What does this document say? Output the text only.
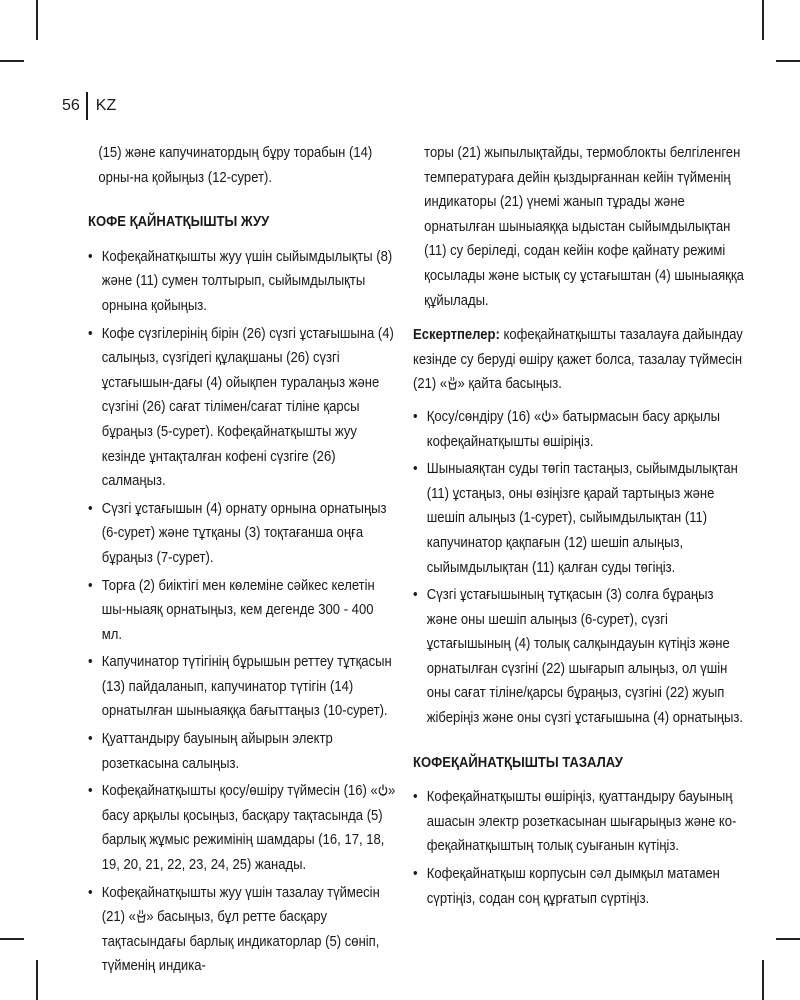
56	KZ
(15) және капучинатордың бұру торабын (14) орны-на қойыңыз (12-сурет).
КОФЕ ҚАЙНАТҚЫШТЫ ЖУУ
• Кофеқайнатқышты жуу үшін сыйымдылықты (8) және (11) сумен толтырып, сыйымдылықты орнына қойыңыз.
• Кофе сүзгілерінің бірін (26) сүзгі ұстағышына (4) салыңыз, сүзгідегі құлақшаны (26) сүзгі ұстағышын-дағы (4) ойықпен туралаңыз және сүзгіні (26) сағат тілімен/сағат тіліне қарсы бұраңыз (5-сурет). Кофеқайнатқышты жуу кезінде ұнтақталған кофені сүзгіге (26) салмаңыз.
• Сүзгі ұстағышын (4) орнату орнына орнатыңыз (6-сурет) және тұтқаны (3) тоқтағанша оңға бұраңыз (7-сурет).
• Торға (2) биіктігі мен көлеміне сәйкес келетін шы-ныаяқ орнатыңыз, кем дегенде 300 - 400 мл.
• Капучинатор түтігінің бұрышын реттеу тұтқасын (13) пайдаланып, капучинатор түтігін (14) орнатылған шыныаяққа бағыттаңыз (10-сурет).
• Қуаттандыру бауының айырын электр розеткасына салыңыз.
• Кофеқайнатқышты қосу/өшіру түймесін (16) « » басу арқылы қосыңыз, басқару тақтасында (5) барлық жұмыс режимінің шамдары (16, 17, 18, 19, 20, 21, 22, 23, 24, 25) жанады.
• Кофеқайнатқышты жуу үшін тазалау түймесін (21) « » басыңыз, бұл ретте басқару тақтасындағы барлық индикаторлар (5) сөніп, түйменің индика-
торы (21) жыпылықтайды, термоблокты белгіленген температураға дейін қыздырғаннан кейін түйменің индикаторы (21) үнемі жанып тұрады және орнатылған шыныаяққа ыдыстан сыйымдылықтан (11) су беріледі, содан кейін кофе қайнату режимі қосылады және ыстық су ұстағыштан (4) шыныаяққа құйылады.
Ескертпелер: кофеқайнатқышты тазалауға дайындау кезінде су беруді өшіру қажет болса, тазалау түймесін (21) « » қайта басыңыз.
• Қосу/сөндіру (16) « » батырмасын басу арқылы кофеқайнатқышты өшіріңіз.
• Шыныаяқтан суды төгіп тастаңыз, сыйымдылықтан (11) ұстаңыз, оны өзіңізге қарай тартыңыз және шешіп алыңыз (1-сурет), сыйымдылықтан (11) капучинатор қақпағын (12) шешіп алыңыз, сыйымдылықтан (11) қалған суды төгіңіз.
• Сүзгі ұстағышының тұтқасын (3) солға бұраңыз және оны шешіп алыңыз (6-сурет), сүзгі ұстағышының (4) толық салқындауын күтіңіз және орнатылған сүзгіні (22) шығарып алыңыз, ол үшін оны сағат тіліне/қарсы бұраңыз, сүзгіні (22) жуып жіберіңіз және оны сүзгі ұстағышына (4) орнатыңыз.
КОФЕҚАЙНАТҚЫШТЫ ТАЗАЛАУ
• Кофеқайнатқышты өшіріңіз, қуаттандыру бауының ашасын электр розеткасынан шығарыңыз және ко-феқайнатқыштың толық суығанын күтіңіз.
• Кофеқайнатқыш корпусын сәл дымқыл матамен сүртіңіз, содан соң құрғатып сүртіңіз.
